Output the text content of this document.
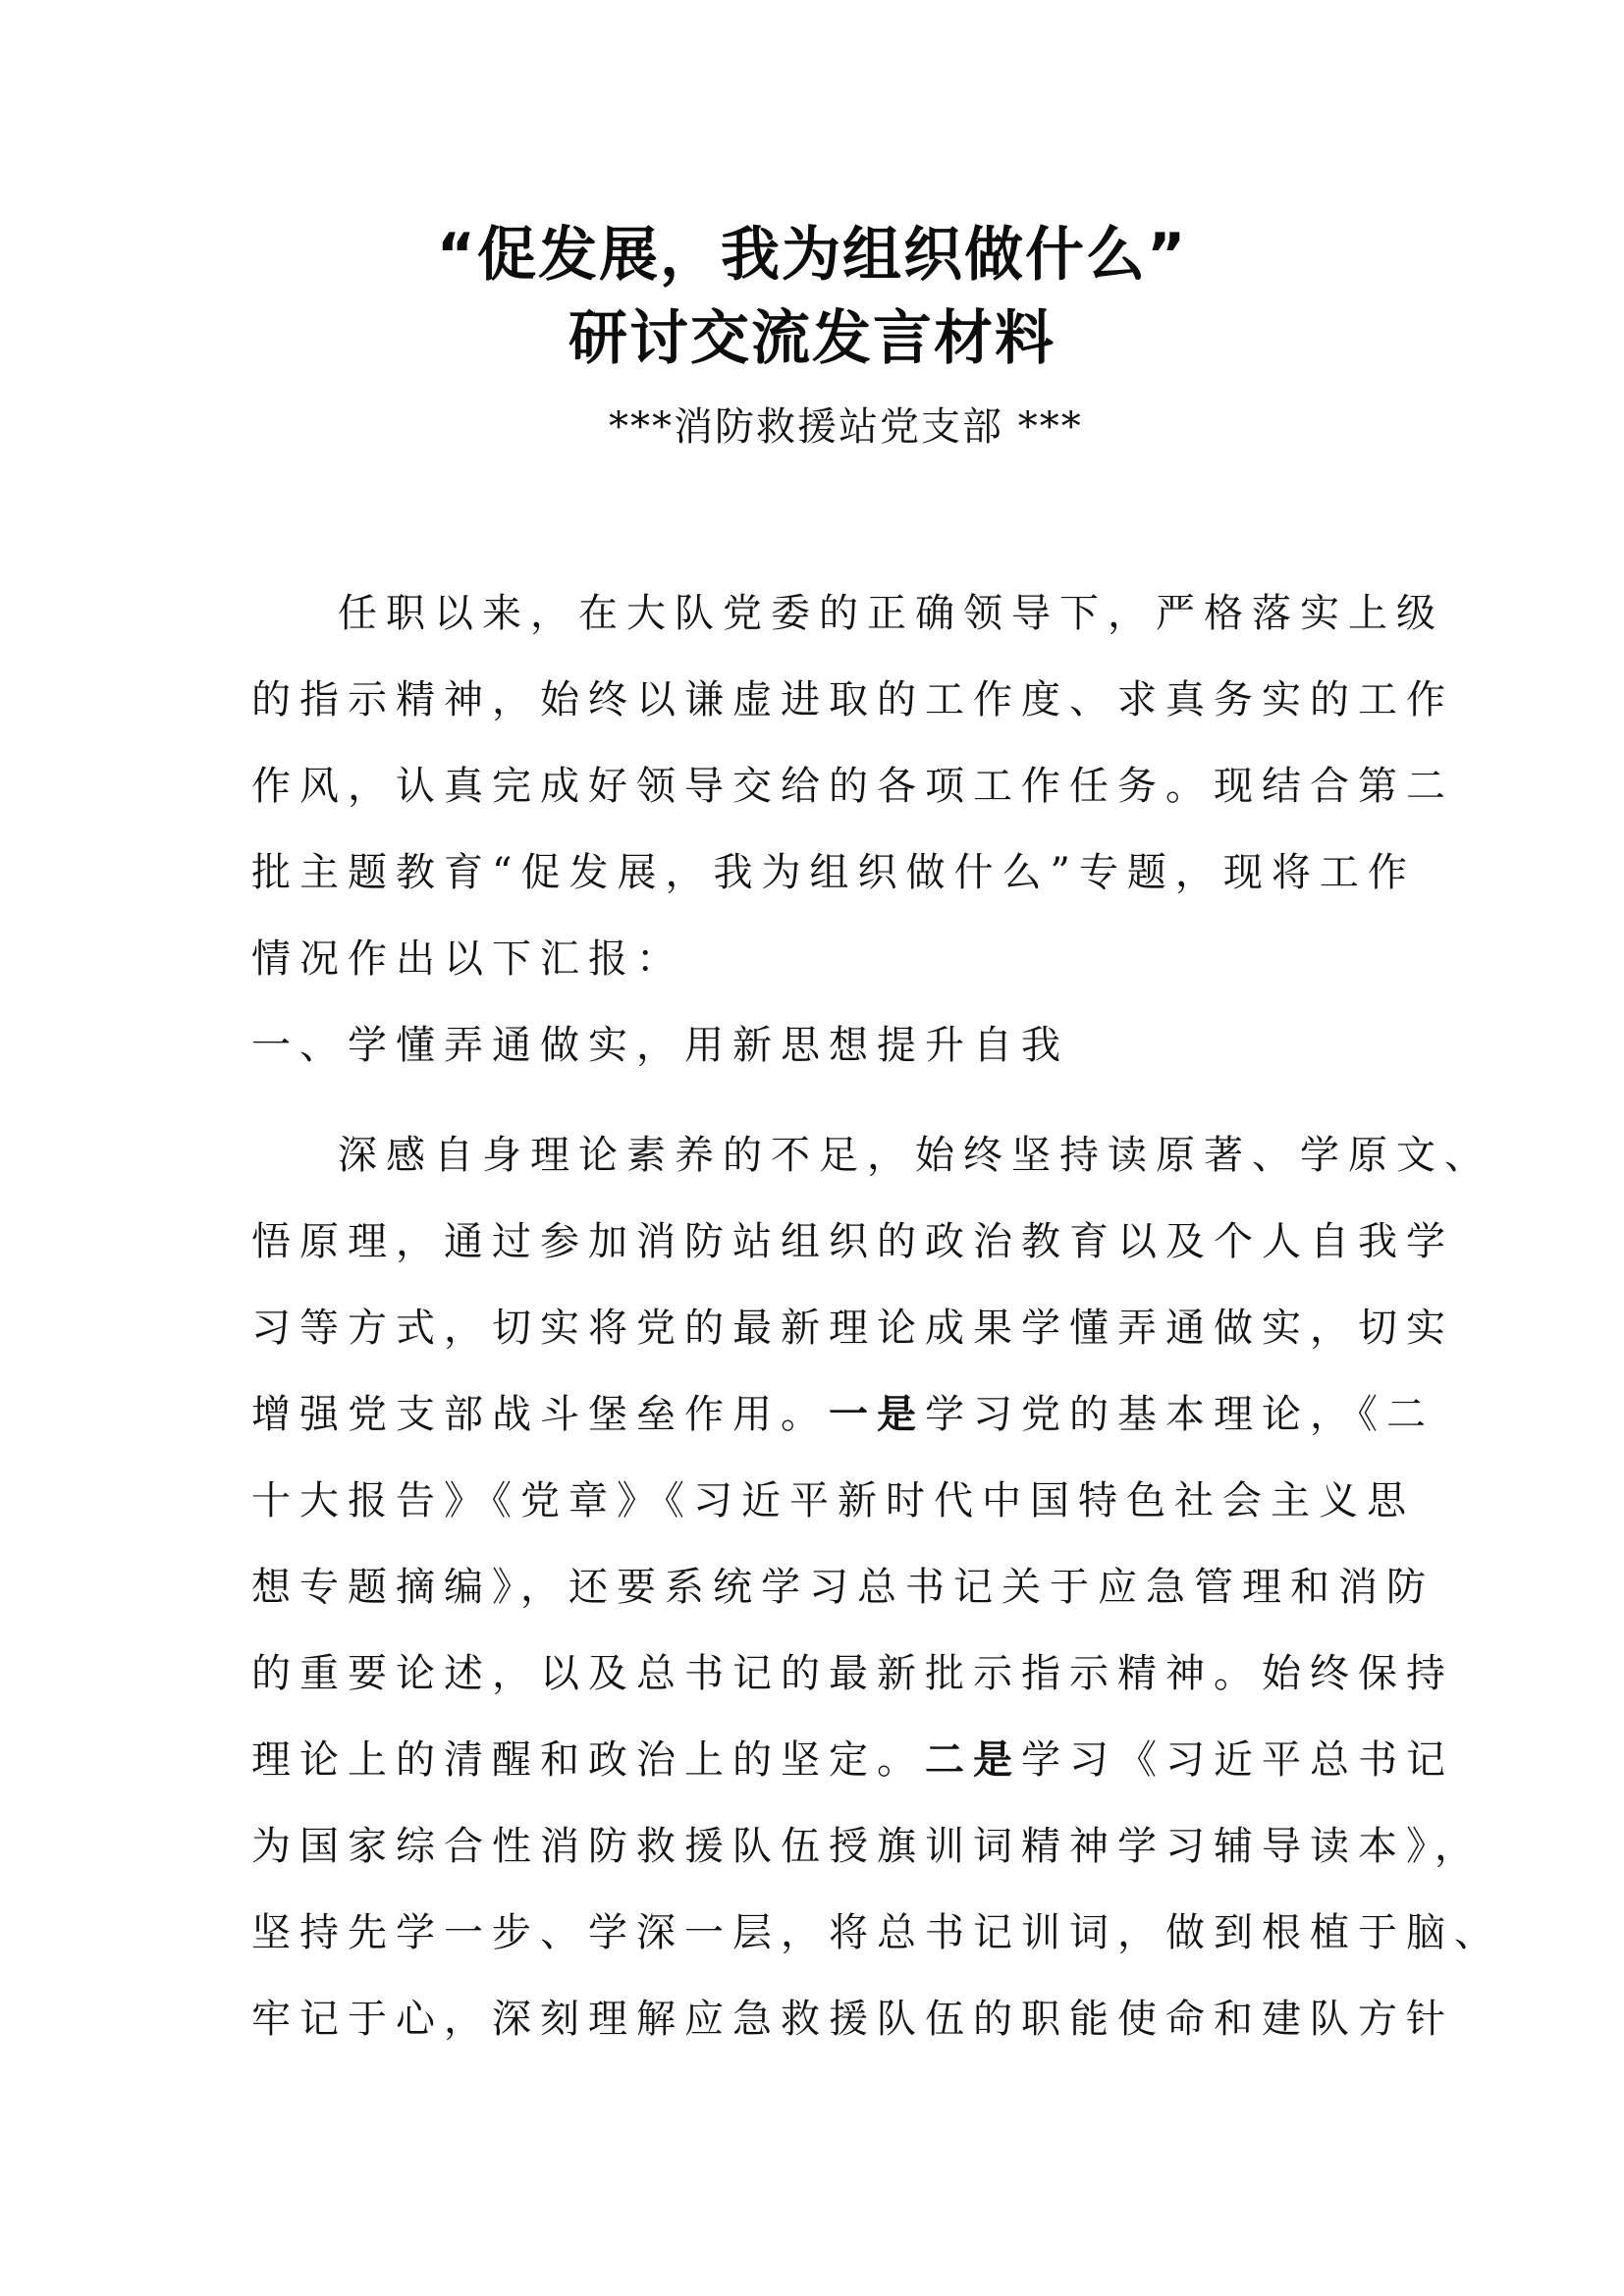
“促发展，我为组织做什么”
研讨交流发言材料
***消防救援站党支部 ***
任职以来，在大队党委的正确领导下，严格落实上级
的指示精神，始终以谦虚进取的工作度、求真务实的工作
作风，认真完成好领导交给的各项工作任务。现结合第二
批主题教育“促发展，我为组织做什么”专题，现将工作
情况作出以下汇报：
一、学懂弄通做实，用新思想提升自我
深感自身理论素养的不足，始终坚持读原著、学原文、
悟原理，通过参加消防站组织的政治教育以及个人自我学
习等方式，切实将党的最新理论成果学懂弄通做实，切实
增强党支部战斗堡垒作用。一是学习党的基本理论，《二
十大报告》《党章》《习近平新时代中国特色社会主义思
想专题摘编》，还要系统学习总书记关于应急管理和消防
的重要论述，以及总书记的最新批示指示精神。始终保持
理论上的清醒和政治上的坚定。二是学习《习近平总书记
为国家综合性消防救援队伍授旗训词精神学习辅导读本》，
坚持先学一步、学深一层，将总书记训词，做到根植于脑、
牢记于心，深刻理解应急救援队伍的职能使命和建队方针
